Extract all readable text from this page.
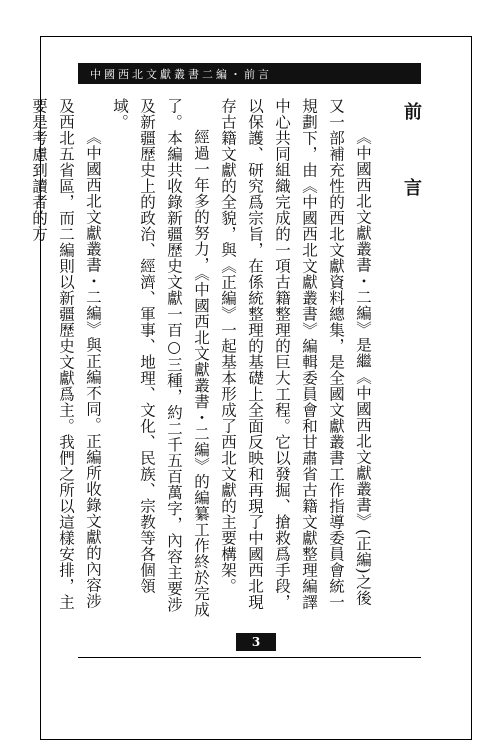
中國西北文獻叢書二編・前言
前　言

《中國西北文獻叢書・二編》是繼《中國西北文獻叢書》(正編)之後又一部補充性的西北文獻資料總集，是全國文獻叢書工作指導委員會統一規劃下，由《中國西北文獻叢書》編輯委員會和甘肅省古籍文獻整理編譯中心共同組織完成的一項古籍整理的巨大工程。它以發掘、搶救爲手段，以保護、研究爲宗旨，在係統整理的基礎上全面反映和再現了中國西北現存古籍文獻的全貌，與《正編》一起基本形成了西北文獻的主要構架。

經過一年多的努力，《中國西北文獻叢書・二編》的編纂工作終於完成了。本編共收錄新疆歷史文獻一百○三種，約二千五百萬字，內容主要涉及新疆歷史上的政治、經濟、軍事、地理、文化、民族、宗教等各個領域。

《中國西北文獻叢書・二編》與正編不同。正編所收錄文獻的內容涉及西北五省區，而二編則以新疆歷史文獻爲主。我們之所以這樣安排，主要是考慮到讀者的方

3
